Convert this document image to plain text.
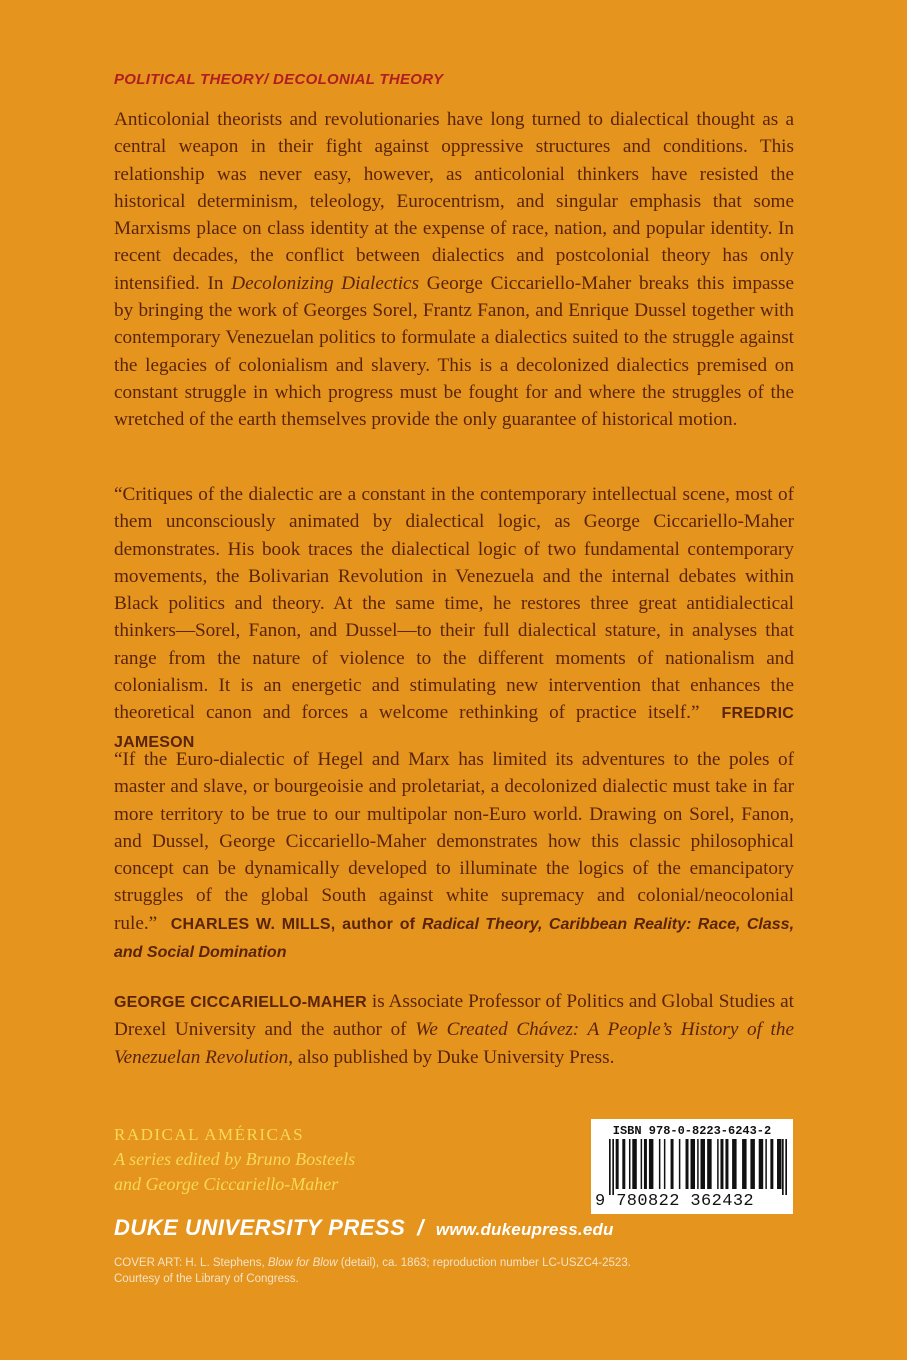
POLITICAL THEORY/ DECOLONIAL THEORY
Anticolonial theorists and revolutionaries have long turned to dialectical thought as a central weapon in their fight against oppressive structures and conditions. This relationship was never easy, however, as anticolonial thinkers have resisted the historical determinism, teleology, Eurocentrism, and singular emphasis that some Marxisms place on class identity at the expense of race, nation, and popular identity. In recent decades, the conflict between dialectics and postcolonial theory has only intensified. In Decolonizing Dialectics George Ciccariello-Maher breaks this impasse by bringing the work of Georges Sorel, Frantz Fanon, and Enrique Dussel together with contemporary Venezuelan politics to formulate a dialectics suited to the struggle against the legacies of colonialism and slavery. This is a decolonized dialectics premised on constant struggle in which progress must be fought for and where the struggles of the wretched of the earth themselves provide the only guarantee of historical motion.
“Critiques of the dialectic are a constant in the contemporary intellectual scene, most of them unconsciously animated by dialectical logic, as George Ciccariello-Maher demonstrates. His book traces the dialectical logic of two fundamental contemporary movements, the Bolivarian Revolution in Venezuela and the internal debates within Black politics and theory. At the same time, he restores three great antidialectical thinkers—Sorel, Fanon, and Dussel—to their full dialectical stature, in analyses that range from the nature of violence to the different moments of nationalism and colonialism. It is an energetic and stimulating new intervention that enhances the theoretical canon and forces a welcome rethinking of practice itself.” FREDRIC JAMESON
“If the Euro-dialectic of Hegel and Marx has limited its adventures to the poles of master and slave, or bourgeoisie and proletariat, a decolonized dialectic must take in far more territory to be true to our multipolar non-Euro world. Drawing on Sorel, Fanon, and Dussel, George Ciccariello-Maher demonstrates how this classic philosophical concept can be dynamically developed to illuminate the logics of the emancipatory struggles of the global South against white supremacy and colonial/neocolonial rule.” CHARLES W. MILLS, author of Radical Theory, Caribbean Reality: Race, Class, and Social Domination
GEORGE CICCARIELLO-MAHER is Associate Professor of Politics and Global Studies at Drexel University and the author of We Created Chávez: A People’s History of the Venezuelan Revolution, also published by Duke University Press.
RADICAL AMÉRICAS
A series edited by Bruno Bosteels
and George Ciccariello-Maher
ISBN 978-0-8223-6243-2
9 780822 362432
DUKE UNIVERSITY PRESS / www.dukeupress.edu
COVER ART: H. L. Stephens, Blow for Blow (detail), ca. 1863; reproduction number LC-USZC4-2523.
Courtesy of the Library of Congress.
